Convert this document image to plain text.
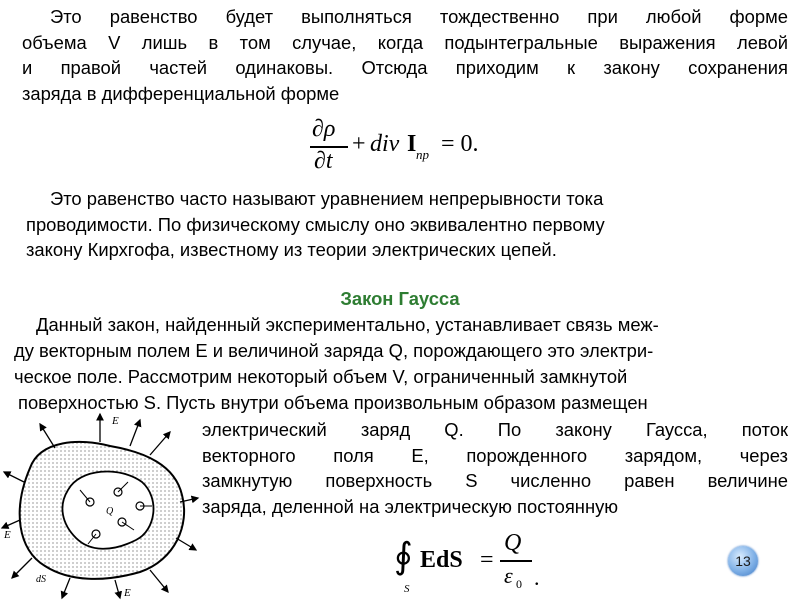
Это равенство будет выполняться тождественно при любой форме
объема V лишь в том случае, когда подынтегральные выражения левой
и правой частей одинаковы. Отсюда приходим к закону сохранения
заряда в дифференциальной форме
∂ρ
∂t
+ div I пр = 0.
Это равенство часто называют уравнением непрерывности тока
проводимости. По физическому смыслу оно эквивалентно первому
закону Кирхгофа, известному из теории электрических цепей.
Закон Гаусса
Данный закон, найденный экспериментально, устанавливает связь меж-
ду векторным полем E и величиной заряда Q, порождающего это электри-
ческое поле. Рассмотрим некоторый объем V, ограниченный замкнутой
поверхностью S. Пусть внутри объема произвольным образом размещен
электрический заряд Q. По закону Гаусса, поток
векторного поля E, порожденного зарядом, через
замкнутую поверхность S численно равен величине
заряда, деленной на электрическую постоянную
E
E
E
Q
dS
∮
S
EdS =
Q
ε 0 .
13
